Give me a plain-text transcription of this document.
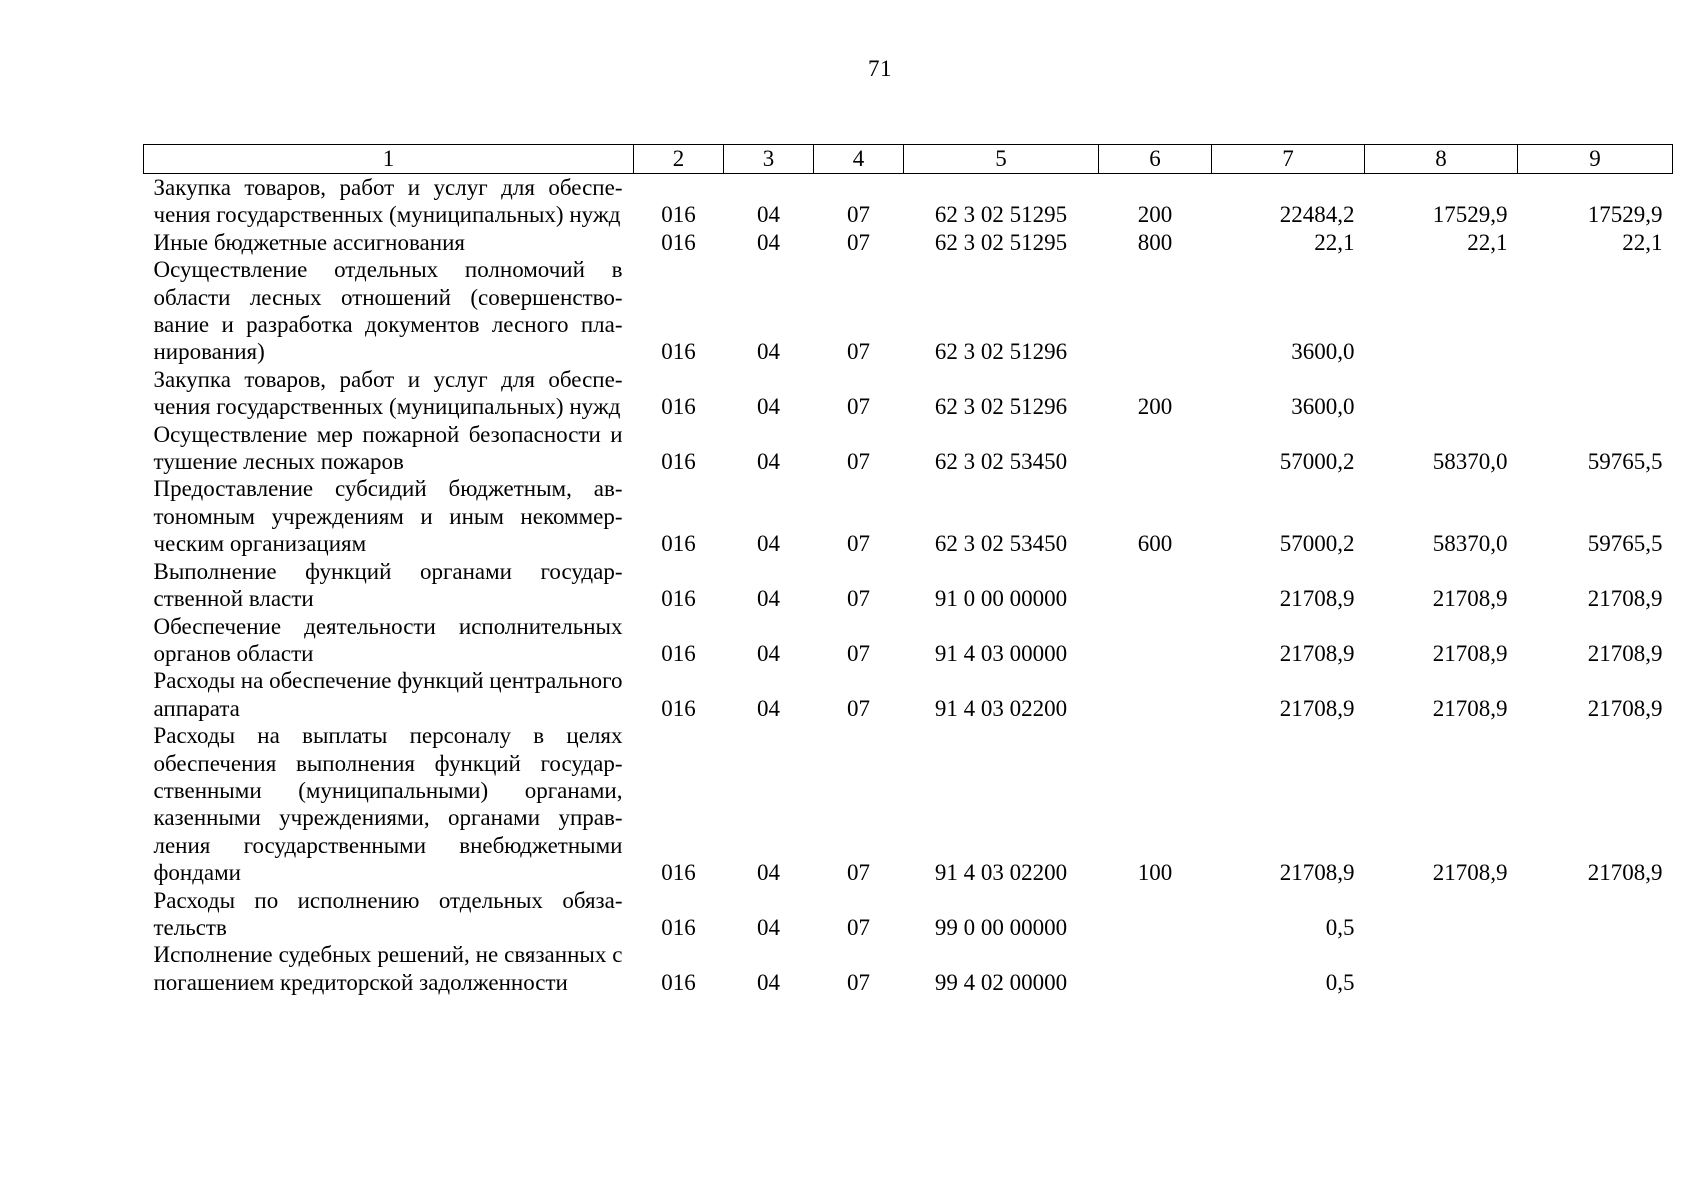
71
1	2	3	4	5	6	7	8	9
Закупка товаров, работ и услуг для обеспечения государственных (муниципальных) нужд	016	04	07	62 3 02 51295	200	22484,2	17529,9	17529,9
Иные бюджетные ассигнования	016	04	07	62 3 02 51295	800	22,1	22,1	22,1
Осуществление отдельных полномочий в области лесных отношений (совершенствование и разработка документов лесного планирования)	016	04	07	62 3 02 51296		3600,0		
Закупка товаров, работ и услуг для обеспечения государственных (муниципальных) нужд	016	04	07	62 3 02 51296	200	3600,0		
Осуществление мер пожарной безопасности и тушение лесных пожаров	016	04	07	62 3 02 53450		57000,2	58370,0	59765,5
Предоставление субсидий бюджетным, автономным учреждениям и иным некоммерческим организациям	016	04	07	62 3 02 53450	600	57000,2	58370,0	59765,5
Выполнение функций органами государственной власти	016	04	07	91 0 00 00000		21708,9	21708,9	21708,9
Обеспечение деятельности исполнительных органов области	016	04	07	91 4 03 00000		21708,9	21708,9	21708,9
Расходы на обеспечение функций центрального аппарата	016	04	07	91 4 03 02200		21708,9	21708,9	21708,9
Расходы на выплаты персоналу в целях обеспечения выполнения функций государственными (муниципальными) органами, казенными учреждениями, органами управления государственными внебюджетными фондами	016	04	07	91 4 03 02200	100	21708,9	21708,9	21708,9
Расходы по исполнению отдельных обязательств	016	04	07	99 0 00 00000		0,5		
Исполнение судебных решений, не связанных с погашением кредиторской задолженности	016	04	07	99 4 02 00000		0,5		
